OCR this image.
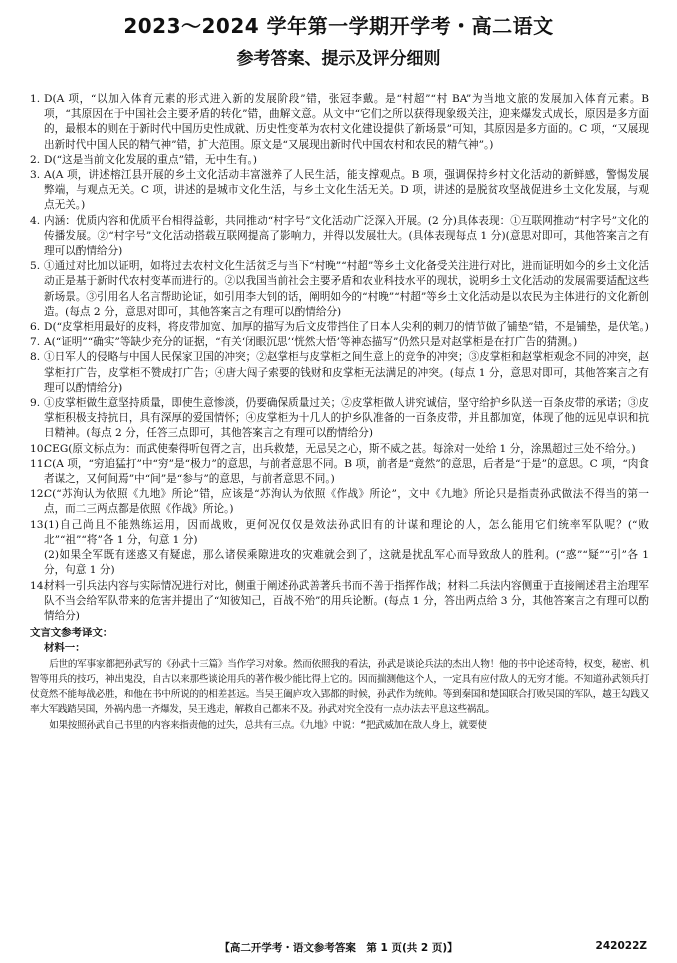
2023～2024 学年第一学期开学考・高二语文
参考答案、提示及评分细则
1. D(A 项，“以加入体育元素的形式进入新的发展阶段”错，张冠李戴。是“村超”“村 BA”为当地文旅的发展加入体育元素。B 项，“其原因在于中国社会主要矛盾的转化”错，曲解文意。从文中“它们之所以获得现象级关注，迎来爆发式成长，原因是多方面的，最根本的则在于新时代中国历史性成就、历史性变革为农村文化建设提供了新场景”可知，其原因是多方面的。C 项，“又展现出新时代中国人民的精气神”错，扩大范围。原文是“又展现出新时代中国农村和农民的精气神”。)
2. D(“这是当前文化发展的重点”错，无中生有。)
3. A(A 项，讲述榕江县开展的乡土文化活动丰富滋养了人民生活，能支撑观点。B 项，强调保持乡村文化活动的新鲜感，警惕发展弊端，与观点无关。C 项，讲述的是城市文化生活，与乡土文化生活无关。D 项，讲述的是脱贫攻坚战促进乡土文化发展，与观点无关。)
4. 内涵：优质内容和优质平台相得益彰，共同推动“村字号”文化活动广泛深入开展。(2 分)具体表现：①互联网推动“村字号”文化的传播发展。②“村字号”文化活动搭载互联网提高了影响力，并得以发展壮大。(具体表现每点 1 分)(意思对即可，其他答案言之有理可以酌情给分)
5. ①通过对比加以证明，如将过去农村文化生活贫乏与当下“村晚”“村超”等乡土文化备受关注进行对比，进而证明如今的乡土文化活动正是基于新时代农村变革而进行的。②以我国当前社会主要矛盾和农业科技水平的现状，说明乡土文化活动的发展需要适配这些新场景。③引用名人名言帮助论证，如引用李大钊的话，阐明如今的“村晚”“村超”等乡土文化活动是以农民为主体进行的文化新创造。(每点 2 分，意思对即可，其他答案言之有理可以酌情给分)
6. D(“皮掌柜用最好的皮料，将皮带加宽、加厚的描写为后文皮带挡住了日本人尖利的刺刀的情节做了铺垫”错，不是铺垫，是伏笔。)
7. A(“证明”“确实”等缺少充分的证据，“有关‘闭眼沉思’‘恍然大悟’等神态描写”仍然只是对赵掌柜是在打广告的猜测。)
8. ①日军人的侵略与中国人民保家卫国的冲突；②赵掌柜与皮掌柜之间生意上的竞争的冲突；③皮掌柜和赵掌柜观念不同的冲突，赵掌柜打广告，皮掌柜不赞成打广告；④唐大闯子索要的钱财和皮掌柜无法满足的冲突。(每点 1 分，意思对即可，其他答案言之有理可以酌情给分)
9. ①皮掌柜做生意坚持质量，即使生意惨淡，仍要确保质量过关；②皮掌柜做人讲究诚信，坚守给护乡队送一百条皮带的承诺；③皮掌柜积极支持抗日，具有深厚的爱国情怀；④皮掌柜为十几人的护乡队准备的一百条皮带，并且都加宽，体现了他的远见卓识和抗日精神。(每点 2 分，任答三点即可，其他答案言之有理可以酌情给分)
10.
CEG(原文标点为：而武使秦得听包胥之言，出兵救楚，无忌吴之心，斯不威之甚。每涂对一处给 1 分，涂黑超过三处不给分。)
11.
C(A 项，“穷追猛打”中“穷”是“极力”的意思，与前者意思不同。B 项，前者是“竟然”的意思，后者是“于是”的意思。C 项，“肉食者谋之，又何间焉”中“间”是“参与”的意思，与前者意思不同。)
12.
C(“苏洵认为依照《九地》所论”错，应该是“苏洵认为依照《作战》所论”，文中《九地》所论只是指责孙武做法不得当的第一点，而二三两点都是依照《作战》所论。)
13.
(1)自己尚且不能熟练运用，因而战败，更何况仅仅是效法孙武旧有的计谋和理论的人，怎么能用它们统率军队呢？(“败北”“祖”“将”各 1 分，句意 1 分)
(2)如果全军既有迷惑又有疑虑，那么诸侯乘隙进攻的灾难就会到了，这就是扰乱军心而导致敌人的胜利。(“惑”“疑”“引”各 1 分，句意 1 分)
14.
材料一引兵法内容与实际情况进行对比，侧重于阐述孙武善著兵书而不善于指挥作战；材料二兵法内容侧重于直接阐述君主治理军队不当会给军队带来的危害并提出了“知彼知己，百战不殆”的用兵论断。(每点 1 分，答出两点给 3 分，其他答案言之有理可以酌情给分)
文言文参考译文：
材料一：

后世的军事家都把孙武写的《孙武十三篇》当作学习对象。然而依照我的看法，孙武是谈论兵法的杰出人物！他的书中论述奇特，权变，秘密、机智等用兵的技巧，神出鬼没，自古以来那些谈论用兵的著作极少能比得上它的。因而揣测他这个人，一定具有应付敌人的无穷才能。不知道孙武领兵打仗竟然不能每战必胜，和他在书中所说的的相差甚远。当吴王阖庐攻入郢都的时候，孙武作为统帅。等到秦国和楚国联合打败吴国的军队，越王勾践又率大军践踏吴国，外祸内患一齐爆发，吴王逃走，解救自己都来不及。孙武对究全没有一点办法去平息这些祸乱。

如果按照孙武自己书里的内容来指责他的过失，总共有三点。《九地》中说：“把武威加在敌人身上，就要使

【高二开学考・语文参考答案　第 1 页(共 2 页)】	242022Z
